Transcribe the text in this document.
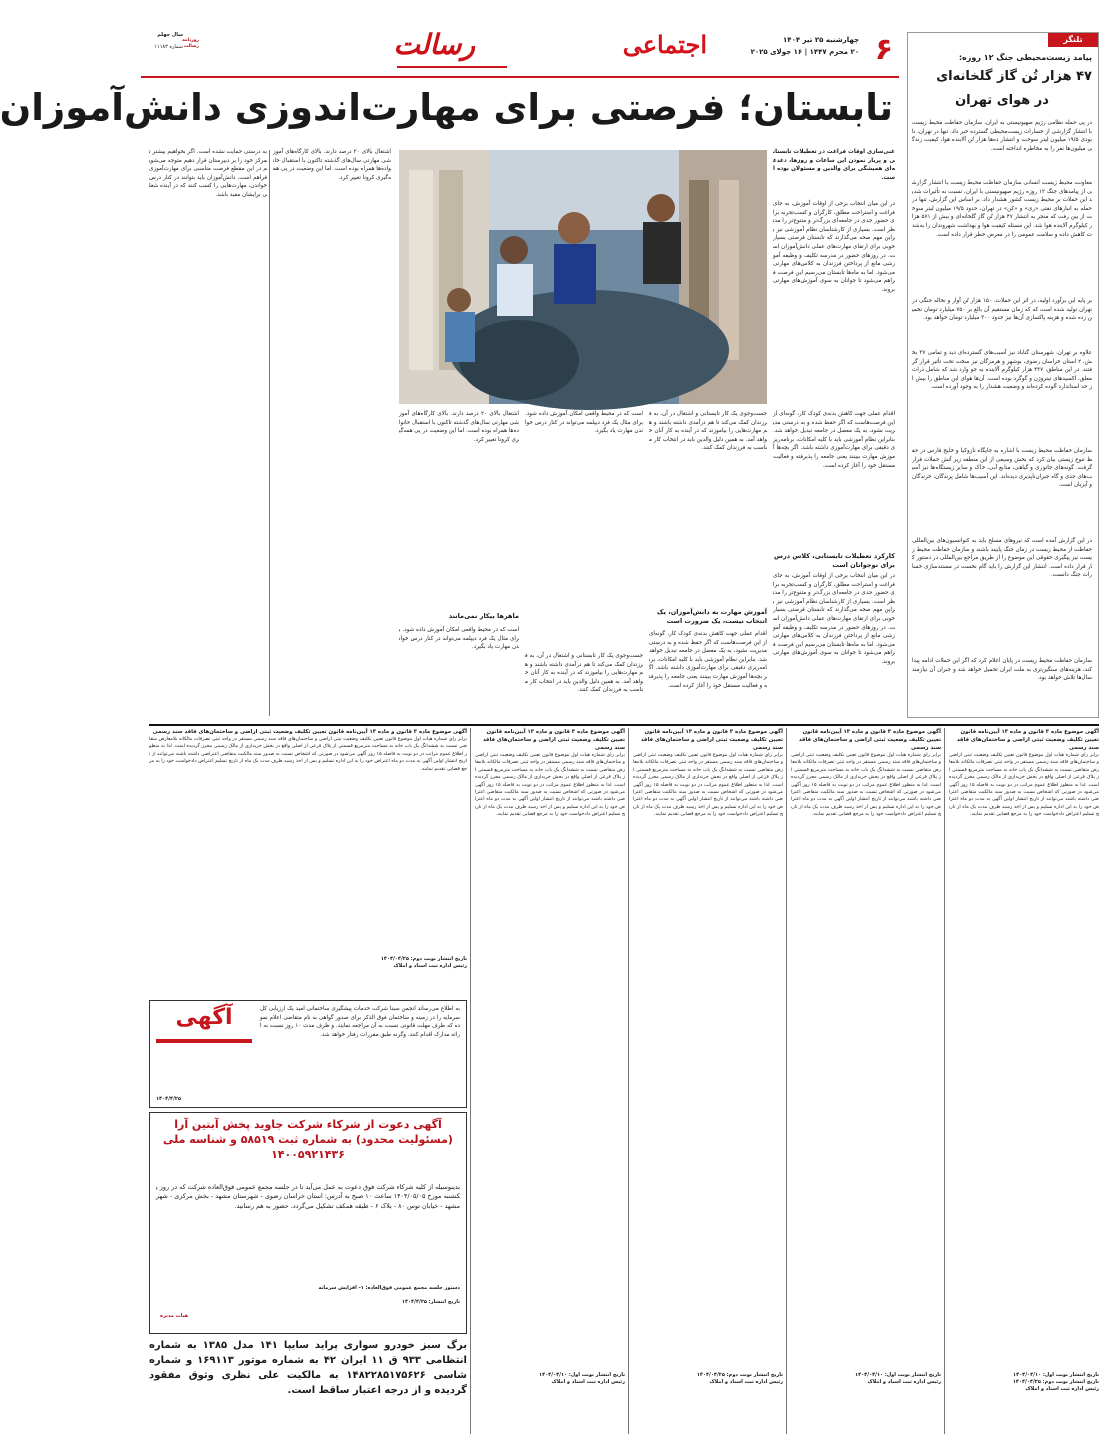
۶
چهارشنبه ۲۵ تیر ۱۴۰۴
۲۰ محرم ۱۴۴۷ | ۱۶ جولای ۲۰۲۵
اجتماعی
رسالت
سال چهلم
شماره ۱۱۱۸۳
روزنامه رسالت
تلنگر
پیامد زیست‌محیطی جنگ ۱۲ روزه:
۴۷ هزار تُن گاز گلخانه‌ای
در هوای تهران
در پی حمله نظامی رژیم صهیونیستی به ایران، سازمان حفاظت محیط زیست با انتشار گزارشی از خسارات زیست‌محیطی گسترده خبر داد. تنها در تهران، نابودی ۱۹/۵ میلیون لیتر سوخت و انتشار ده‌ها هزار تُن آلاینده هوا، کیفیت زندگی میلیون‌ها نفر را به مخاطره انداخته است.
معاونت محیط زیست انسانی سازمان حفاظت محیط زیست با انتشار گزارشی از پیامدهای جنگ ۱۲ روزه رژیم صهیونیستی با ایران، نسبت به تأثیرات شدید این حملات بر محیط زیست کشور هشدار داد. بر اساس این گزارش، تنها در حمله به انبارهای نفتی «ری» و «کن» در تهران، حدود ۱۹/۵ میلیون لیتر سوخت از بین رفت که منجر به انتشار ۴۷ هزار تُن گاز گلخانه‌ای و بیش از ۵۷۱ هزار کیلوگرم آلاینده هوا شد. این مسئله کیفیت هوا و بهداشت شهروندان را به‌شدت کاهش داده و سلامت عمومی را در معرض خطر قرار داده است.
بر پایه این برآورد اولیه، در اثر این حملات، ۱۵۰ هزار تُن آوار و نخاله جنگی در تهران تولید شده است که که زمان مستقیم آن بالغ بر ۷۵۰ میلیارد تومان تخمین زده شده و هزینه پاکسازی آن‌ها نیز حدود ۳۰۰ میلیارد تومان خواهد بود.
علاوه بر تهران، شهرستان گناباد نیز آسیب‌های گسترده‌ای دید و تمامی ۳۷ بخش، ۲ استان خراسان رضوی، بوشهر و هرمزگان نیز سخت تحت تأثیر قرار گرفتند. در این مناطق، ۴۳۷ هزار کیلوگرم آلاینده به جو وارد شد که شامل ذرات معلق، اکسیدهای نیتروژن و گوگرد بوده است. آن‌ها هوای این مناطق را بیش از حد استاندارد آلوده کرده‌اند و وضعیت هشدار را به وجود آورده است.
سازمان حفاظت محیط زیست با اشاره به جایگاه نازوکیا و خلیج فارس در حفظ تنوع زیستی بیان کرد که بخش وسیعی از این منطقه زیر آتش حملات قرار گرفت. گونه‌های جانوری و گیاهی، منابع آبی، خاک و سایر زیستگاه‌ها نیز آسیب‌های جدی و گاه جبران‌ناپذیری دیده‌اند. این آسیب‌ها شامل پرندگان، خزندگان و آبزیان است.
در این گزارش آمده است که نیروهای مسلح باید به کنوانسیون‌های بین‌المللی حفاظت از محیط زیست در زمان جنگ پایبند باشند و سازمان حفاظت محیط زیست نیز پیگیری حقوقی این موضوع را از طریق مراجع بین‌المللی در دستور کار قرار داده است. انتشار این گزارش را باید گام نخست در مستندسازی خسارات جنگ دانست.
سازمان حفاظت محیط زیست در پایان اعلام کرد که اگر این حملات ادامه پیدا کند، هزینه‌های سنگین‌تری به ملت ایران تحمیل خواهد شد و جبران آن نیازمند سال‌ها تلاش خواهد بود.
تابستان؛ فرصتی برای مهارت‌اندوزی دانش‌آموزان
غنی‌سازی اوقات فراغت در تعطیلات تابستانی و پربار نمودن این ساعات و روزها، دغدغه‌ای همیشگی برای والدین و مسئولان بوده است.
در این میان انتخاب برخی از اوقات آموزش، به جای فراغت و استراحت مطلق، کارگران و کسب‌تجربه برای حضور جدی در جامعه‌ای بزرگ‌تر و متنوع‌تر را مدنظر است. بسیاری از کارشناسان نظام آموزشی نیز براین مهم صحه می‌گذارند که تابستان فرصتی بسیار خوبی برای ارتقای مهارت‌های عملی دانش‌آموزان است. در روزهای حضور در مدرسه تکلیف و وظیفه آموزشی مانع از پرداختن فرزندان به کلاس‌های مهارتی می‌شود. اما به ماه‌ها تابستان می‌رسیم این فرصت فراهم می‌شود تا جوانان به سوی آموزش‌های مهارتی بروند.
اقدام عملی جهت کاهش بدنه‌ی کودک کار، گونه‌ای از این فرصت‌هاست که اگر حفظ شده و به درستی مدیریت نشود، به یک معضل در جامعه تبدیل خواهد شد. بنابراین نظام آموزشی باید با کلیه امکانات، برنامه‌ریزی دقیقی برای مهارت‌آموزی داشته باشد. اگر بچه‌ها آموزش مهارت ببینند یعنی جامعه را پذیرفته و فعالیت مستقل خود را آغاز کرده است.
کارکرد تعطیلات تابستانی، کلاس درس برای نوجوانان است
در این میان انتخاب برخی از اوقات آموزش، به جای فراغت و استراحت مطلق، کارگران و کسب‌تجربه برای حضور جدی در جامعه‌ای بزرگ‌تر و متنوع‌تر را مدنظر است. بسیاری از کارشناسان نظام آموزشی نیز براین مهم صحه می‌گذارند که تابستان فرصتی بسیار خوبی برای ارتقای مهارت‌های عملی دانش‌آموزان است. در روزهای حضور در مدرسه تکلیف و وظیفه آموزشی مانع از پرداختن فرزندان به کلاس‌های مهارتی می‌شود. اما به ماه‌ها تابستان می‌رسیم این فرصت فراهم می‌شود تا جوانان به سوی آموزش‌های مهارتی بروند.
جست‌وجوی یک کار تابستانی و اشتغال در آن، به فرزندان کمک می‌کند تا هم درآمدی داشته باشند و هم مهارت‌هایی را بیاموزند که در آینده به کار آنان خواهد آمد. به همین دلیل والدین باید در انتخاب کار مناسب به فرزندان کمک کنند.
آموزش مهارت به دانش‌آموزان، یک انتخاب نیست، یک ضرورت است
اقدام عملی جهت کاهش بدنه‌ی کودک کار، گونه‌ای از این فرصت‌هاست که اگر حفظ شده و به درستی مدیریت نشود، به یک معضل در جامعه تبدیل خواهد شد. بنابراین نظام آموزشی باید با کلیه امکانات، برنامه‌ریزی دقیقی برای مهارت‌آموزی داشته باشد. اگر بچه‌ها آموزش مهارت ببینند یعنی جامعه را پذیرفته و فعالیت مستقل خود را آغاز کرده است.
است که در محیط واقعی امکان آموزش داده شود. برای مثال یک فرد دیپلمه می‌تواند در کنار درس خواندن مهارت یاد بگیرد.
جست‌وجوی یک کار تابستانی و اشتغال در آن، به فرزندان کمک می‌کند تا هم درآمدی داشته باشند و هم مهارت‌هایی را بیاموزند که در آینده به کار آنان خواهد آمد. به همین دلیل والدین باید در انتخاب کار مناسب به فرزندان کمک کنند.
اشتغال بالای ۲۰ درصد دارند. بالای کارگاه‌های آموزشی مهارتی سال‌های گذشته تاکنون با استقبال خانواده‌ها همراه بوده است. اما این وضعیت در پی همه‌گیری کرونا تغییر کرد.
ماهرها بیکار نمی‌مانند
است که در محیط واقعی امکان آموزش داده شود. برای مثال یک فرد دیپلمه می‌تواند در کنار درس خواندن مهارت یاد بگیرد.
به درستی حمایت نشده است. اگر بخواهیم بیشتر تمرکز خود را بر دبیرستان قرار دهیم متوجه می‌شویم در این مقطع فرصت مناسبی برای مهارت‌آموزی فراهم است. دانش‌آموزان باید بتوانند در کنار درس خواندن، مهارت‌هایی را کسب کنند که در آینده شغلی برایشان مفید باشد.
اشتغال بالای ۲۰ درصد دارند. بالای کارگاه‌های آموزشی مهارتی سال‌های گذشته تاکنون با استقبال خانواده‌ها همراه بوده است. اما این وضعیت در پی همه‌گیری کرونا تغییر کرد.
آگهی موضوع ماده ۳ قانون و ماده ۱۳ آیین‌نامه قانون تعیین تکلیف وضعیت ثبتی اراضی و ساختمان‌های فاقد سند رسمی
برابر رای شماره هیات اول موضوع قانون تعیین تکلیف وضعیت ثبتی اراضی و ساختمان‌های فاقد سند رسمی مستقر در واحد ثبتی تصرفات مالکانه بلامعارض متقاضی نسبت به ششدانگ یک باب خانه به مساحت مترمربع قسمتی از پلاک فرعی از اصلی واقع در بخش خریداری از مالک رسمی محرز گردیده است. لذا به منظور اطلاع عموم مراتب در دو نوبت به فاصله ۱۵ روز آگهی می‌شود در صورتی که اشخاص نسبت به صدور سند مالکیت متقاضی اعتراضی داشته باشند می‌توانند از تاریخ انتشار اولین آگهی به مدت دو ماه اعتراض خود را به این اداره تسلیم و پس از اخذ رسید ظرف مدت یک ماه از تاریخ تسلیم اعتراض دادخواست خود را به مرجع قضایی تقدیم نمایند.
تاریخ انتشار نوبت اول: ۱۴۰۴/۰۴/۱۰
تاریخ انتشار نوبت دوم: ۱۴۰۴/۰۴/۲۵
رئیس اداره ثبت اسناد و املاک
آگهی موضوع ماده ۳ قانون و ماده ۱۳ آیین‌نامه قانون تعیین تکلیف وضعیت ثبتی اراضی و ساختمان‌های فاقد سند رسمی
برابر رای شماره هیات اول موضوع قانون تعیین تکلیف وضعیت ثبتی اراضی و ساختمان‌های فاقد سند رسمی مستقر در واحد ثبتی تصرفات مالکانه بلامعارض متقاضی نسبت به ششدانگ یک باب خانه به مساحت مترمربع قسمتی از پلاک فرعی از اصلی واقع در بخش خریداری از مالک رسمی محرز گردیده است. لذا به منظور اطلاع عموم مراتب در دو نوبت به فاصله ۱۵ روز آگهی می‌شود در صورتی که اشخاص نسبت به صدور سند مالکیت متقاضی اعتراضی داشته باشند می‌توانند از تاریخ انتشار اولین آگهی به مدت دو ماه اعتراض خود را به این اداره تسلیم و پس از اخذ رسید ظرف مدت یک ماه از تاریخ تسلیم اعتراض دادخواست خود را به مرجع قضایی تقدیم نمایند.
تاریخ انتشار نوبت اول: ۱۴۰۴/۰۴/۱۰
رئیس اداره ثبت اسناد و املاک
آگهی موضوع ماده ۳ قانون و ماده ۱۳ آیین‌نامه قانون تعیین تکلیف وضعیت ثبتی اراضی و ساختمان‌های فاقد سند رسمی
برابر رای شماره هیات اول موضوع قانون تعیین تکلیف وضعیت ثبتی اراضی و ساختمان‌های فاقد سند رسمی مستقر در واحد ثبتی تصرفات مالکانه بلامعارض متقاضی نسبت به ششدانگ یک باب خانه به مساحت مترمربع قسمتی از پلاک فرعی از اصلی واقع در بخش خریداری از مالک رسمی محرز گردیده است. لذا به منظور اطلاع عموم مراتب در دو نوبت به فاصله ۱۵ روز آگهی می‌شود در صورتی که اشخاص نسبت به صدور سند مالکیت متقاضی اعتراضی داشته باشند می‌توانند از تاریخ انتشار اولین آگهی به مدت دو ماه اعتراض خود را به این اداره تسلیم و پس از اخذ رسید ظرف مدت یک ماه از تاریخ تسلیم اعتراض دادخواست خود را به مرجع قضایی تقدیم نمایند.
تاریخ انتشار نوبت دوم: ۱۴۰۴/۰۴/۲۵
رئیس اداره ثبت اسناد و املاک
آگهی موضوع ماده ۳ قانون و ماده ۱۳ آیین‌نامه قانون تعیین تکلیف وضعیت ثبتی اراضی و ساختمان‌های فاقد سند رسمی
برابر رای شماره هیات اول موضوع قانون تعیین تکلیف وضعیت ثبتی اراضی و ساختمان‌های فاقد سند رسمی مستقر در واحد ثبتی تصرفات مالکانه بلامعارض متقاضی نسبت به ششدانگ یک باب خانه به مساحت مترمربع قسمتی از پلاک فرعی از اصلی واقع در بخش خریداری از مالک رسمی محرز گردیده است. لذا به منظور اطلاع عموم مراتب در دو نوبت به فاصله ۱۵ روز آگهی می‌شود در صورتی که اشخاص نسبت به صدور سند مالکیت متقاضی اعتراضی داشته باشند می‌توانند از تاریخ انتشار اولین آگهی به مدت دو ماه اعتراض خود را به این اداره تسلیم و پس از اخذ رسید ظرف مدت یک ماه از تاریخ تسلیم اعتراض دادخواست خود را به مرجع قضایی تقدیم نمایند.
تاریخ انتشار نوبت اول: ۱۴۰۴/۰۴/۱۰
رئیس اداره ثبت اسناد و املاک
آگهی موضوع ماده ۳ قانون و ماده ۱۳ آیین‌نامه قانون تعیین تکلیف وضعیت ثبتی اراضی و ساختمان‌های فاقد سند رسمی
برابر رای شماره هیات اول موضوع قانون تعیین تکلیف وضعیت ثبتی اراضی و ساختمان‌های فاقد سند رسمی مستقر در واحد ثبتی تصرفات مالکانه بلامعارض متقاضی نسبت به ششدانگ یک باب خانه به مساحت مترمربع قسمتی از پلاک فرعی از اصلی واقع در بخش خریداری از مالک رسمی محرز گردیده است. لذا به منظور اطلاع عموم مراتب در دو نوبت به فاصله ۱۵ روز آگهی می‌شود در صورتی که اشخاص نسبت به صدور سند مالکیت متقاضی اعتراضی داشته باشند می‌توانند از تاریخ انتشار اولین آگهی به مدت دو ماه اعتراض خود را به این اداره تسلیم و پس از اخذ رسید ظرف مدت یک ماه از تاریخ تسلیم اعتراض دادخواست خود را به مرجع قضایی تقدیم نمایند.
تاریخ انتشار نوبت دوم: ۱۴۰۴/۰۴/۲۵
رئیس اداره ثبت اسناد و املاک
آگهی	به اطلاع می‌رساند انجمن سینا شرکت خدمات پیشگیری ساختمانی امید یک ارزیابی کل سرمایه را در زمینه و ساختمان فوق الذکر برای صدور گواهی به نام متقاضی اعلام نموده که ظرف مهلت قانونی نسبت به آن مراجعه نمایند. و ظرف مدت ۱۰ روز نسبت به ارائه مدارک اقدام کنند. وگرنه طبق مقررات رفتار خواهد شد.
۱۴۰۴/۴/۲۵
آگهی دعوت از شرکاء شرکت جاوید پخش آبتین آرا (مسئولیت محدود) به شماره ثبت ۵۸۵۱۹ و شناسه ملی ۱۴۰۰۵۹۲۱۴۳۶
بدینوسیله از کلیه شرکاء شرکت فوق دعوت به عمل می‌آید تا در جلسه مجمع عمومی فوق‌العاده شرکت که در روز یکشنبه مورخ ۱۴۰۴/۰۵/۰۵ ساعت ۱۰ صبح به آدرس: استان خراسان رضوی - شهرستان مشهد - بخش مرکزی - شهر مشهد - خیابان توس ۸۰ - بلاک ۶ - طبقه همکف تشکیل می‌گردد، حضور به هم رسانید.
دستور جلسه مجمع عمومی فوق‌العاده: ۱- افزایش سرمایه
تاریخ انتشار: ۱۴۰۴/۴/۲۵
هیات مدیره
برگ سبز خودرو سواری پراید سایپا ۱۴۱ مدل ۱۳۸۵ به شماره انتظامی ۹۳۳ ق ۱۱ ایران ۴۲ به شماره موتور ۱۶۹۱۱۳ و شماره شاسی ۱۴۸۲۲۸۵۱۷۵۶۲۶ به مالکیت علی نظری وثوق مفقود گردیده و از درجه اعتبار ساقط است.
